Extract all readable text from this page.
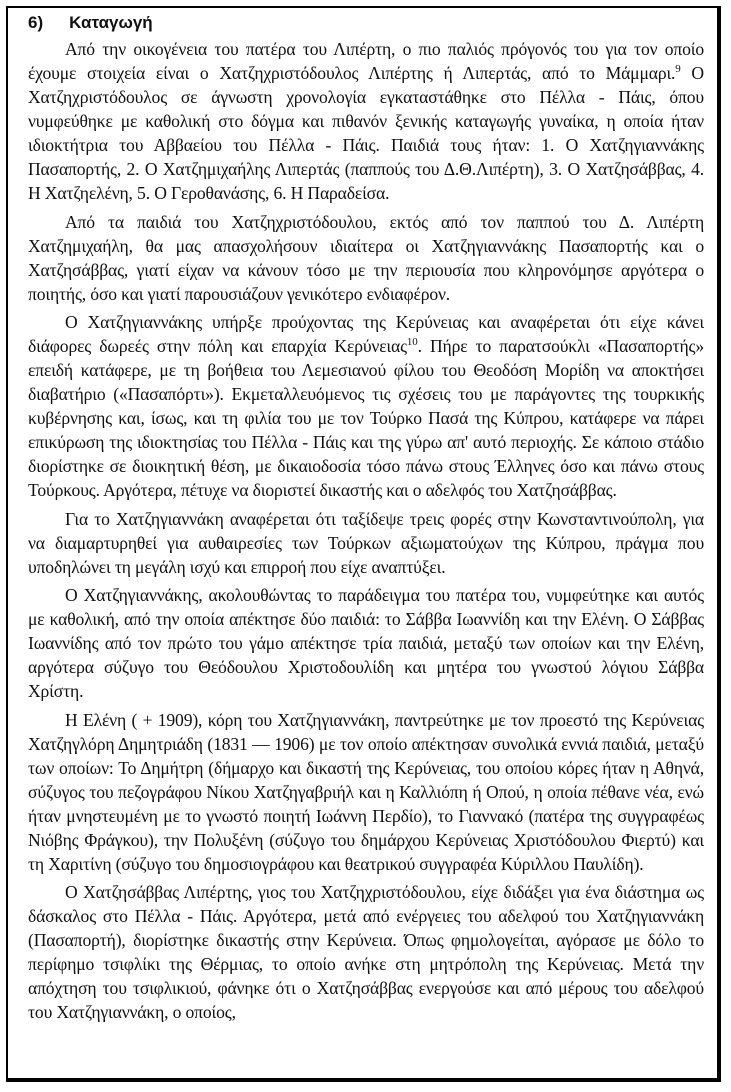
6) Καταγωγή

Από την οικογένεια του πατέρα του Λιπέρτη, ο πιο παλιός πρόγονός του για τον οποίο έχουμε στοιχεία είναι ο Χατζηχριστόδουλος Λιπέρτης ή Λιπερτάς, από το Μάμμαρι.$^9$ Ο Χατζηχριστόδουλος σε άγνωστη χρονολογία εγκαταστάθηκε στο Πέλλα - Πάις, όπου νυμφεύθηκε με καθολική στο δόγμα και πιθανόν ξενικής καταγωγής γυναίκα, η οποία ήταν ιδιοκτήτρια του Αββαείου του Πέλλα - Πάις. Παιδιά τους ήταν: 1. Ο Χατζηγιαννάκης Πασαπορτής, 2. Ο Χατζημιχαήλης Λιπερτάς (παππούς του Δ.Θ.Λιπέρτη), 3. Ο Χατζησάββας, 4. Η Χατζηελένη, 5. Ο Γεροθανάσης, 6. Η Παραδείσα.

Από τα παιδιά του Χατζηχριστόδουλου, εκτός από τον παππού του Δ. Λιπέρτη Χατζημιχαήλη, θα μας απασχολήσουν ιδιαίτερα οι Χατζηγιαννάκης Πασαπορτής και ο Χατζησάββας, γιατί είχαν να κάνουν τόσο με την περιουσία που κληρονόμησε αργότερα ο ποιητής, όσο και γιατί παρουσιάζουν γενικότερο ενδιαφέρον.

Ο Χατζηγιαννάκης υπήρξε προύχοντας της Κερύνειας και αναφέρεται ότι είχε κάνει διάφορες δωρεές στην πόλη και επαρχία Κερύνειας$^{10}$. Πήρε το παρατσούκλι «Πασαπορτής» επειδή κατάφερε, με τη βοήθεια του Λεμεσιανού φίλου του Θεοδόση Μορίδη να αποκτήσει διαβατήριο («Πασαπόρτι»). Εκμεταλλευόμενος τις σχέσεις του με παράγοντες της τουρκικής κυβέρνησης και, ίσως, και τη φιλία του με τον Τούρκο Πασά της Κύπρου, κατάφερε να πάρει επικύρωση της ιδιοκτησίας του Πέλλα - Πάις και της γύρω απ' αυτό περιοχής. Σε κάποιο στάδιο διορίστηκε σε διοικητική θέση, με δικαιοδοσία τόσο πάνω στους Έλληνες όσο και πάνω στους Τούρκους. Αργότερα, πέτυχε να διοριστεί δικαστής και ο αδελφός του Χατζησάββας.

Για το Χατζηγιαννάκη αναφέρεται ότι ταξίδεψε τρεις φορές στην Κωνσταντινούπολη, για να διαμαρτυρηθεί για αυθαιρεσίες των Τούρκων αξιωματούχων της Κύπρου, πράγμα που υποδηλώνει τη μεγάλη ισχύ και επιρροή που είχε αναπτύξει.

Ο Χατζηγιαννάκης, ακολουθώντας το παράδειγμα του πατέρα του, νυμφεύτηκε και αυτός με καθολική, από την οποία απέκτησε δύο παιδιά: το Σάββα Ιωαννίδη και την Ελένη. Ο Σάββας Ιωαννίδης από τον πρώτο του γάμο απέκτησε τρία παιδιά, μεταξύ των οποίων και την Ελένη, αργότερα σύζυγο του Θεόδουλου Χριστοδουλίδη και μητέρα του γνωστού λόγιου Σάββα Χρίστη.

Η Ελένη ( + 1909), κόρη του Χατζηγιαννάκη, παντρεύτηκε με τον προεστό της Κερύνειας Χατζηγλόρη Δημητριάδη (1831 — 1906) με τον οποίο απέκτησαν συνολικά εννιά παιδιά, μεταξύ των οποίων: Το Δημήτρη (δήμαρχο και δικαστή της Κερύνειας, του οποίου κόρες ήταν η Αθηνά, σύζυγος του πεζογράφου Νίκου Χατζηγαβριήλ και η Καλλιόπη ή Οπού, η οποία πέθανε νέα, ενώ ήταν μνηστευμένη με το γνωστό ποιητή Ιωάννη Περδίο), το Γιαννακό (πατέρα της συγγραφέως Νιόβης Φράγκου), την Πολυξένη (σύζυγο του δημάρχου Κερύνειας Χριστόδουλου Φιερτύ) και τη Χαριτίνη (σύζυγο του δημοσιογράφου και θεατρικού συγγραφέα Κύριλλου Παυλίδη).

Ο Χατζησάββας Λιπέρτης, γιος του Χατζηχριστόδουλου, είχε διδάξει για ένα διάστημα ως δάσκαλος στο Πέλλα - Πάις. Αργότερα, μετά από ενέργειες του αδελφού του Χατζηγιαννάκη (Πασαπορτή), διορίστηκε δικαστής στην Κερύνεια. Όπως φημολογείται, αγόρασε με δόλο το περίφημο τσιφλίκι της Θέρμιας, το οποίο ανήκε στη μητρόπολη της Κερύνειας. Μετά την απόχτηση του τσιφλικιού, φάνηκε ότι ο Χατζησάββας ενεργούσε και από μέρους του αδελφού του Χατζηγιαννάκη, ο οποίος,
